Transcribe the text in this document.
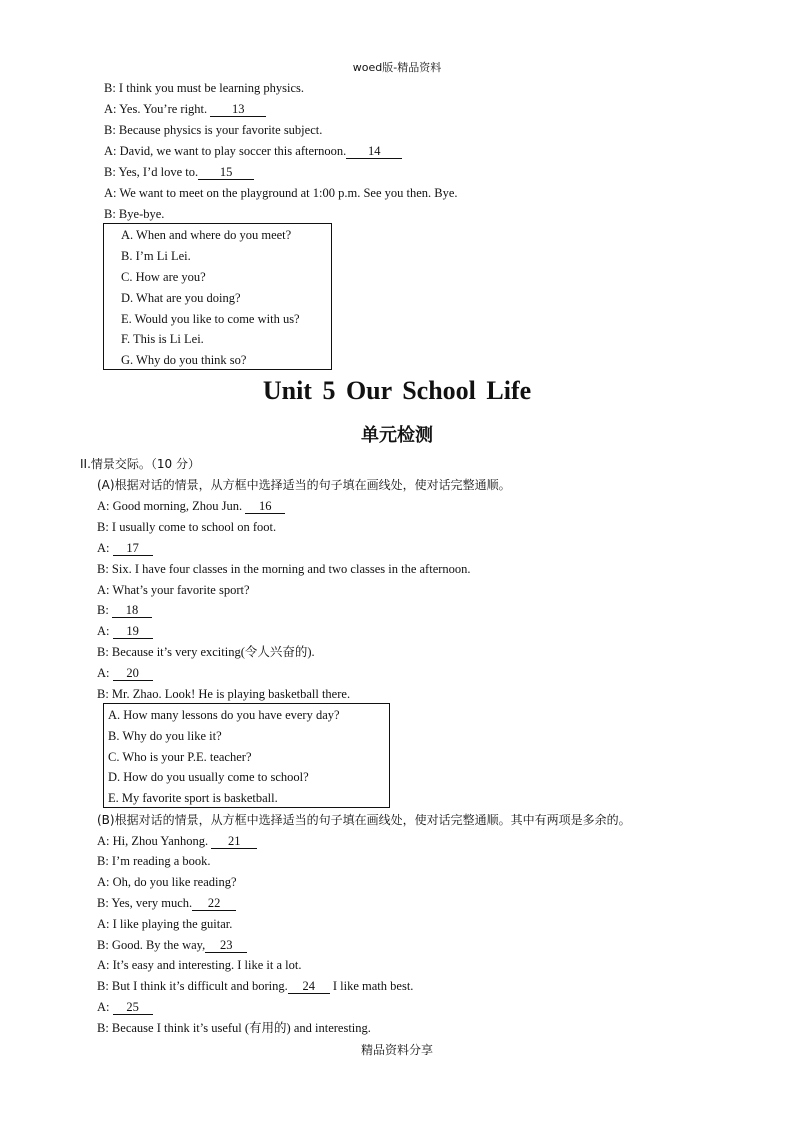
woed版-精品资料
B: I think you must be learning physics.
A: Yes. You’re right. 13
B: Because physics is your favorite subject.
A: David, we want to play soccer this afternoon. 14
B: Yes, I’d love to. 15
A: We want to meet on the playground at 1:00 p.m. See you then. Bye.
B: Bye-bye.
A. When and where do you meet?
B. I’m Li Lei.
C. How are you?
D. What are you doing?
E. Would you like to come with us?
F. This is Li Lei.
G. Why do you think so?
Unit 5 Our School Life
单元检测
II.情景交际。（10 分）
(A)根据对话的情景，从方框中选择适当的句子填在画线处，使对话完整通顺。
A: Good morning, Zhou Jun. 16
B: I usually come to school on foot.
A: 17
B: Six. I have four classes in the morning and two classes in the afternoon.
A: What’s your favorite sport?
B: 18
A: 19
B: Because it’s very exciting(令人兴奋的).
A: 20
B: Mr. Zhao. Look! He is playing basketball there.
A. How many lessons do you have every day?
B. Why do you like it?
C. Who is your P.E. teacher?
D. How do you usually come to school?
E. My favorite sport is basketball.
(B)根据对话的情景，从方框中选择适当的句子填在画线处，使对话完整通顺。其中有两项是多余的。
A: Hi, Zhou Yanhong. 21
B: I’m reading a book.
A: Oh, do you like reading?
B: Yes, very much. 22
A: I like playing the guitar.
B: Good. By the way, 23
A: It’s easy and interesting. I like it a lot.
B: But I think it’s difficult and boring. 24 I like math best.
A: 25
B: Because I think it’s useful (有用的) and interesting.
精品资料分享
